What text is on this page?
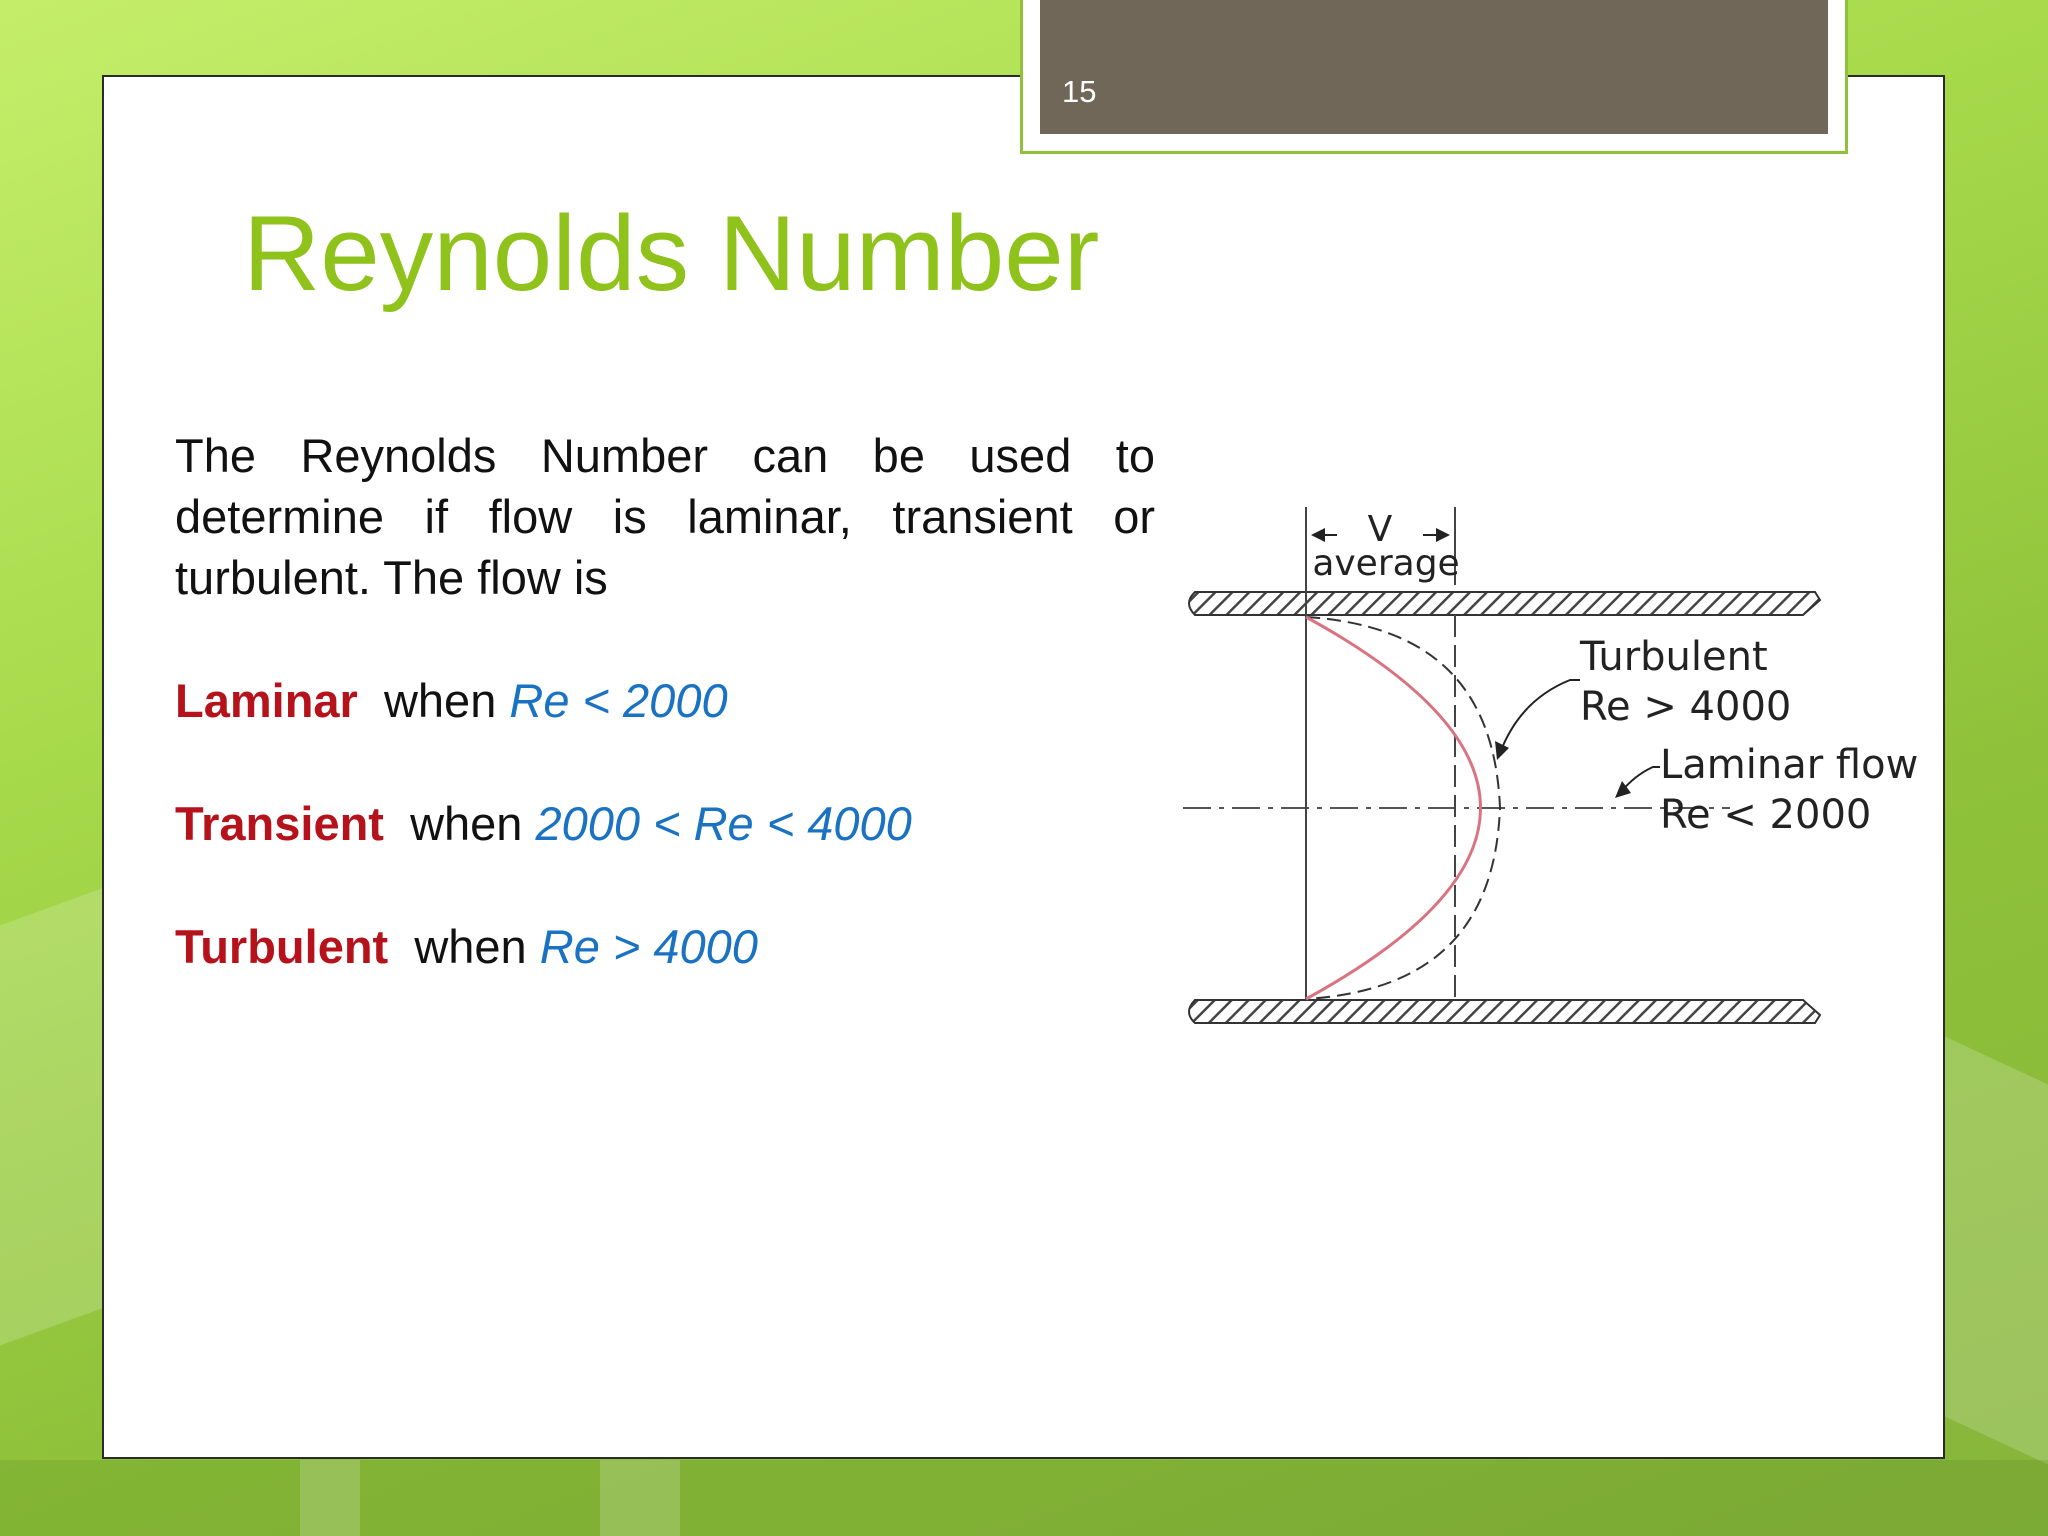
15
Reynolds Number

The Reynolds Number can be used to determine if flow is laminar, transient or turbulent. The flow is

Laminar when Re < 2000

Transient when 2000 < Re < 4000

Turbulent when Re > 4000

V
average
Turbulent
Re > 4000
Laminar flow
Re < 2000
